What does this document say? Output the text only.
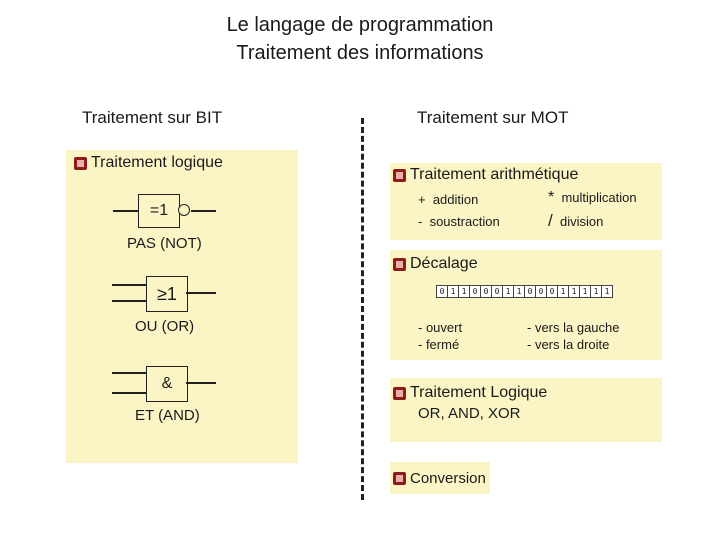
Le langage de programmation
Traitement des informations
Traitement sur BIT	Traitement sur MOT
Traitement logique
=1
PAS (NOT)
≥1
OU (OR)
&
ET (AND)
Traitement arithmétique
+ addition
- soustraction
* multiplication
/ division
Décalage
0 1 1 0 0 0 1 1 0 0 0 1 1 1 1 1
- ouvert
- fermé
- vers la gauche
- vers la droite
Traitement Logique
OR, AND, XOR
Conversion
